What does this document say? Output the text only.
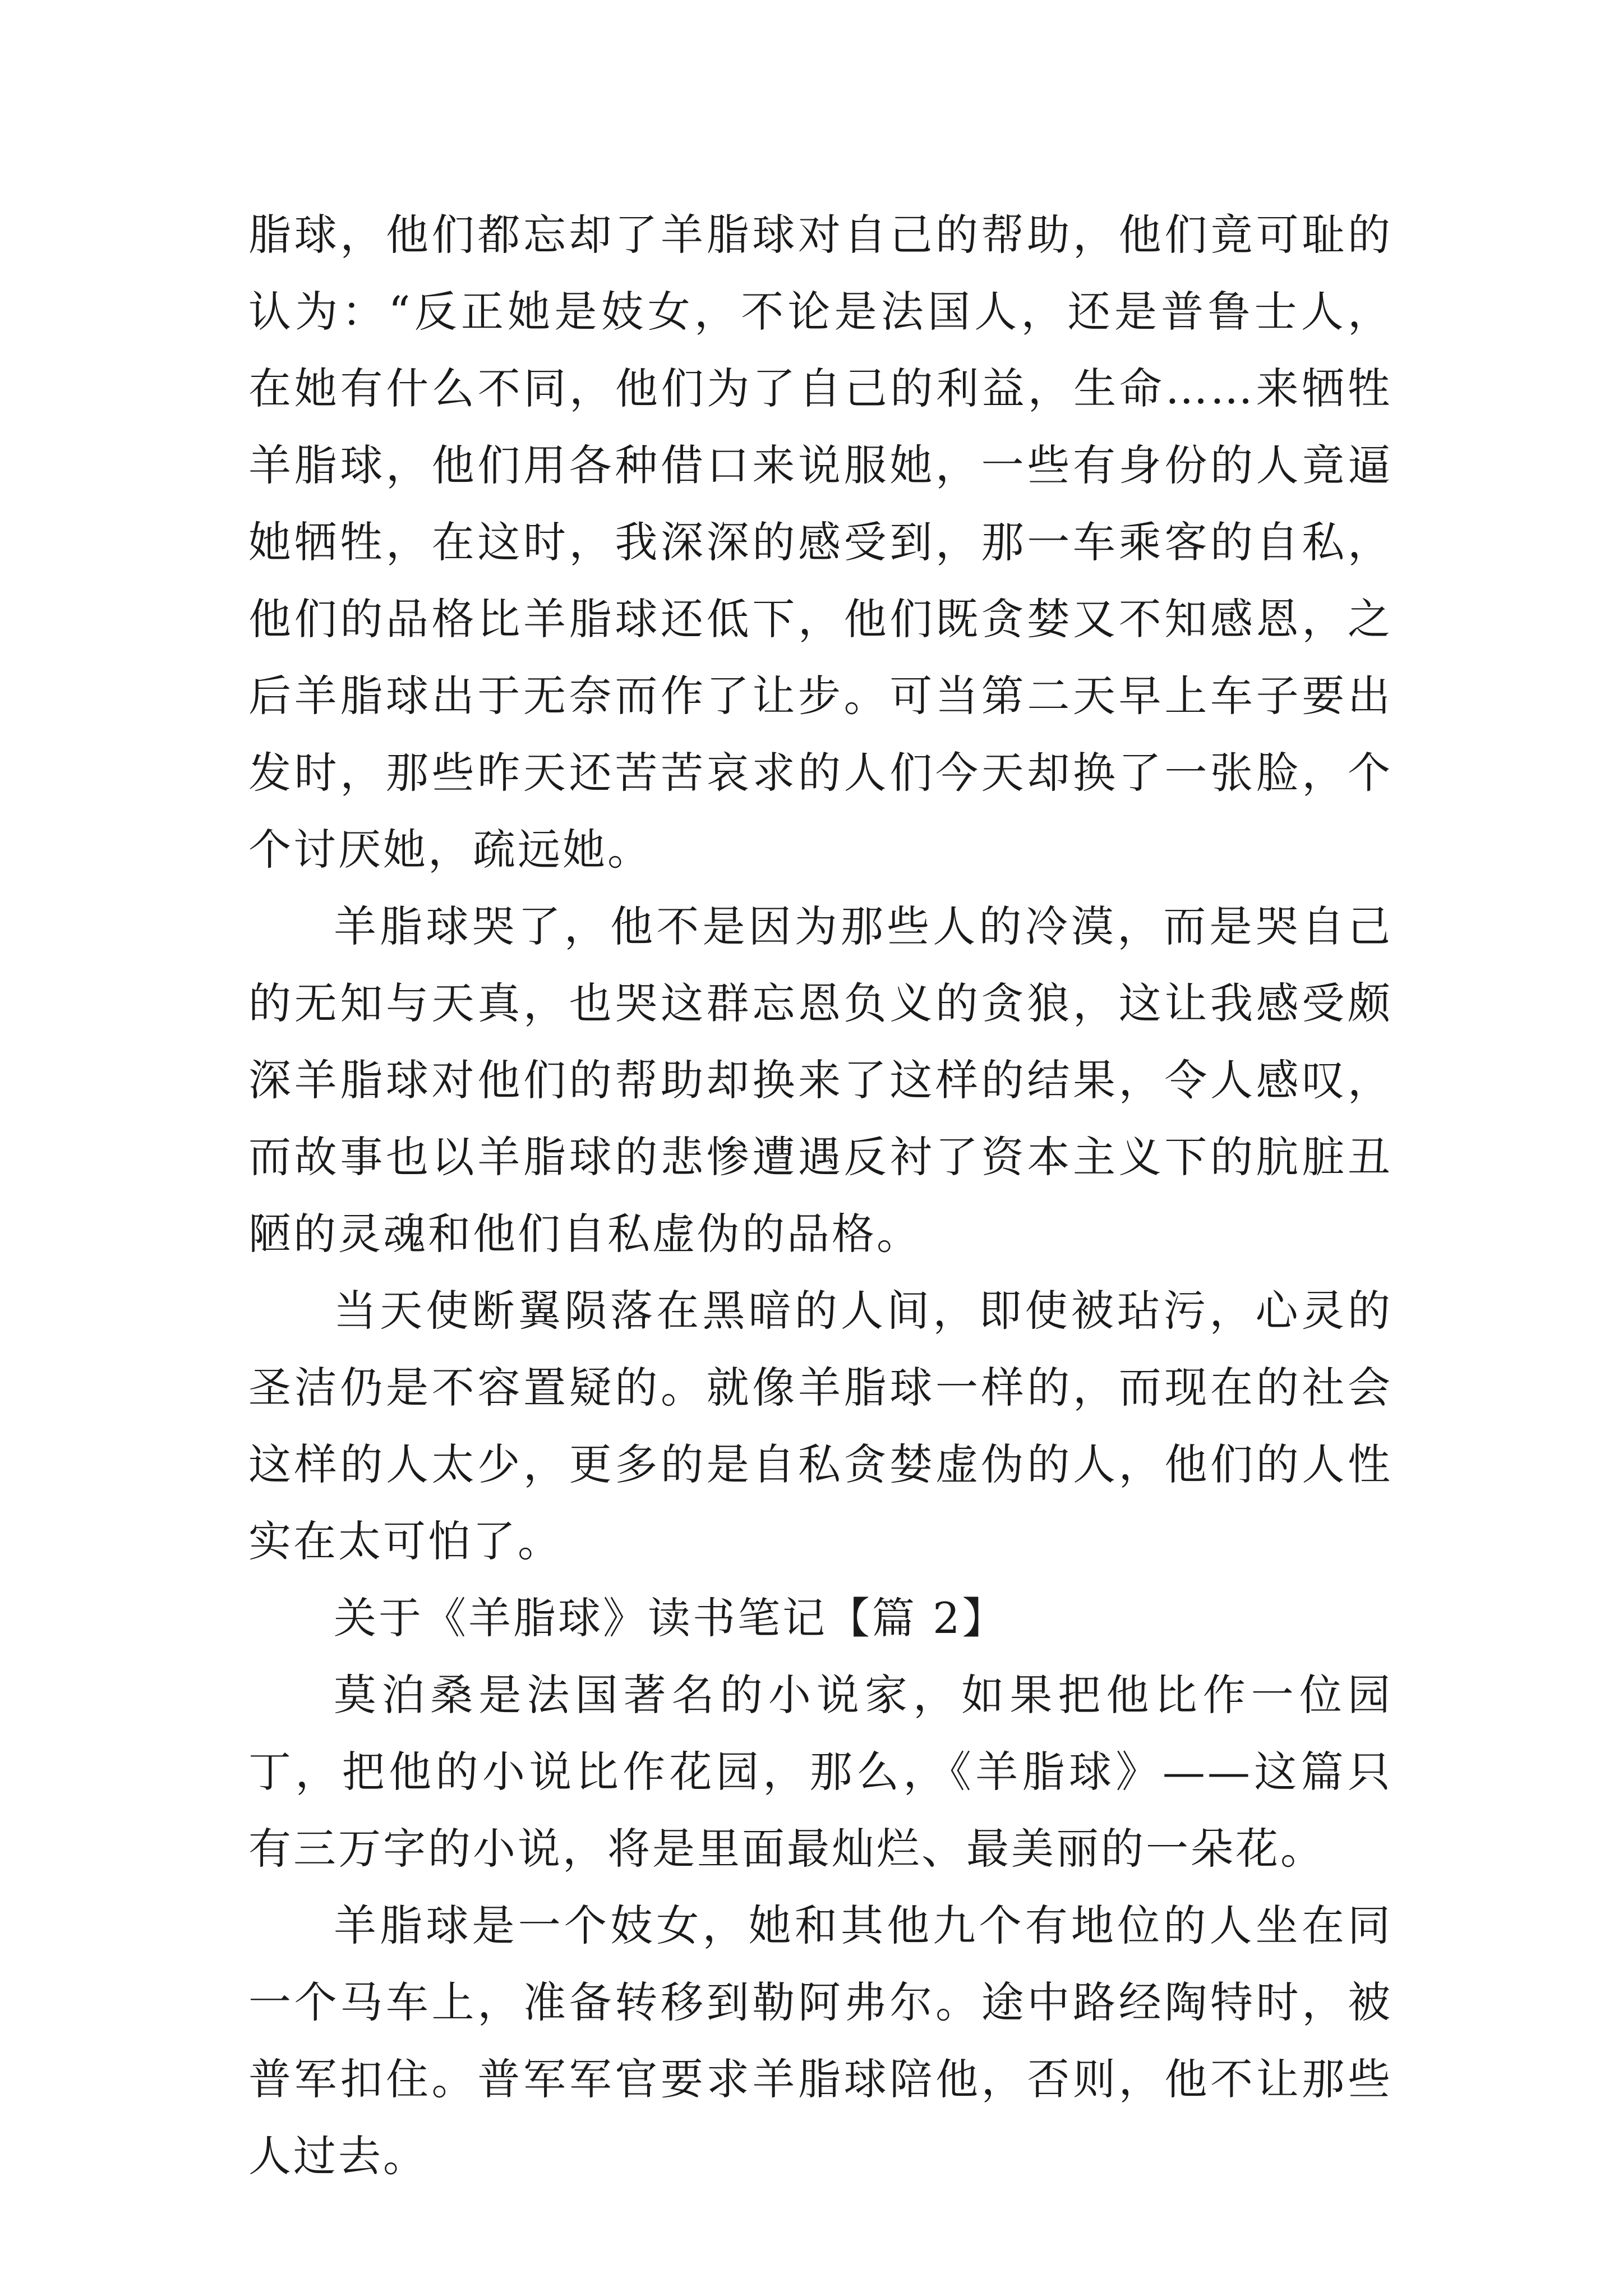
脂球，他们都忘却了羊脂球对自己的帮助，他们竟可耻的认为：“反正她是妓女，不论是法国人，还是普鲁士人，在她有什么不同，他们为了自己的利益，生命……来牺牲羊脂球，他们用各种借口来说服她，一些有身份的人竟逼她牺牲，在这时，我深深的感受到，那一车乘客的自私，他们的品格比羊脂球还低下，他们既贪婪又不知感恩，之后羊脂球出于无奈而作了让步。可当第二天早上车子要出发时，那些昨天还苦苦哀求的人们今天却换了一张脸，个个讨厌她，疏远她。

羊脂球哭了，他不是因为那些人的冷漠，而是哭自己的无知与天真，也哭这群忘恩负义的贪狼，这让我感受颇深羊脂球对他们的帮助却换来了这样的结果，令人感叹，而故事也以羊脂球的悲惨遭遇反衬了资本主义下的肮脏丑陋的灵魂和他们自私虚伪的品格。

当天使断翼陨落在黑暗的人间，即使被玷污，心灵的圣洁仍是不容置疑的。就像羊脂球一样的，而现在的社会这样的人太少，更多的是自私贪婪虚伪的人，他们的人性实在太可怕了。

关于《羊脂球》读书笔记【篇 2】

莫泊桑是法国著名的小说家，如果把他比作一位园丁，把他的小说比作花园，那么，《羊脂球》——这篇只有三万字的小说，将是里面最灿烂、最美丽的一朵花。

羊脂球是一个妓女，她和其他九个有地位的人坐在同一个马车上，准备转移到勒阿弗尔。途中路经陶特时，被普军扣住。普军军官要求羊脂球陪他，否则，他不让那些人过去。
